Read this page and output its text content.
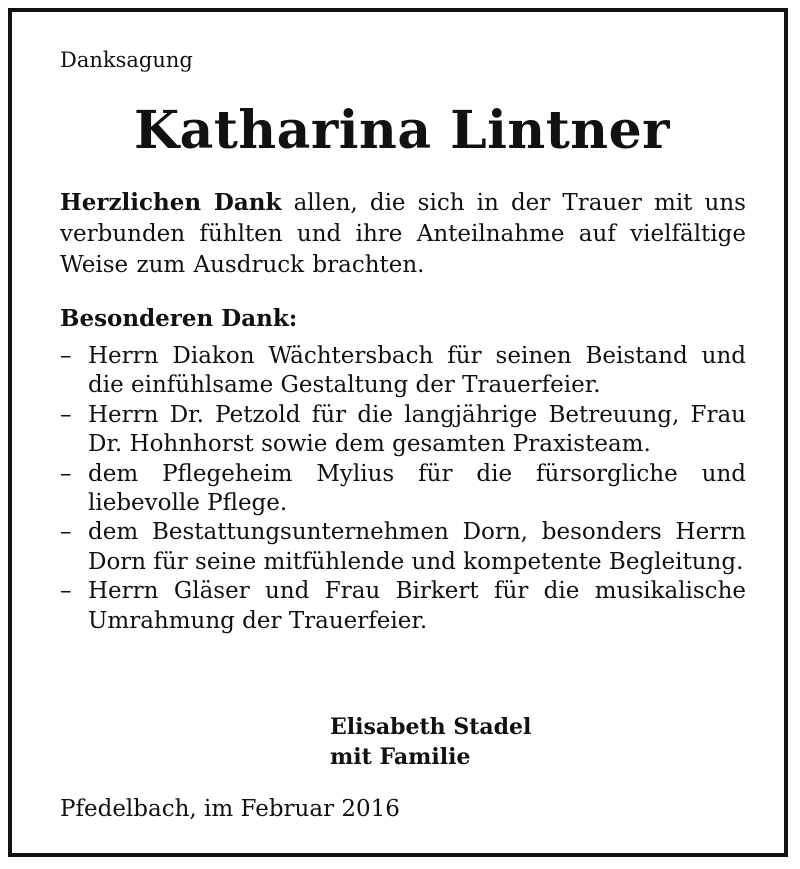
Danksagung
Katharina Lintner

Herzlichen Dank allen, die sich in der Trauer mit uns verbunden fühlten und ihre Anteilnahme auf vielfältige Weise zum Ausdruck brachten.

Besonderen Dank:
– Herrn Diakon Wächtersbach für seinen Beistand und die einfühlsame Gestaltung der Trauerfeier.
– Herrn Dr. Petzold für die langjährige Betreuung, Frau Dr. Hohnhorst sowie dem gesamten Praxisteam.
– dem Pflegeheim Mylius für die fürsorgliche und liebevolle Pflege.
– dem Bestattungsunternehmen Dorn, besonders Herrn Dorn für seine mitfühlende und kompetente Begleitung.
– Herrn Gläser und Frau Birkert für die musikalische Umrahmung der Trauerfeier.
Elisabeth Stadel
mit Familie
Pfedelbach, im Februar 2016
